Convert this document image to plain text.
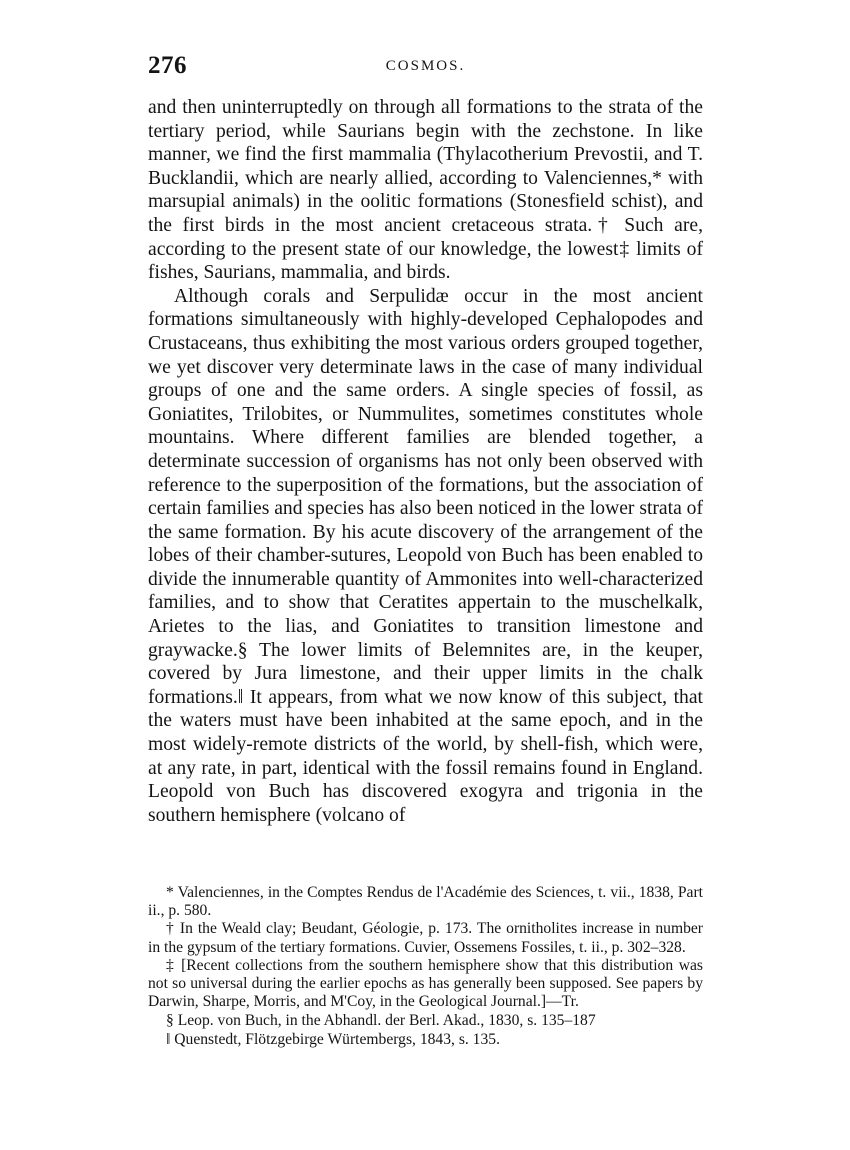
276	COSMOS.

and then uninterruptedly on through all formations to the strata of the tertiary period, while Saurians begin with the zechstone. In like manner, we find the first mammalia (Thylacotherium Prevostii, and T. Bucklandii, which are nearly allied, according to Valenciennes,* with marsupial animals) in the oolitic formations (Stonesfield schist), and the first birds in the most ancient cretaceous strata.† Such are, according to the present state of our knowledge, the lowest‡ limits of fishes, Saurians, mammalia, and birds.

Although corals and Serpulidæ occur in the most ancient formations simultaneously with highly-developed Cephalopodes and Crustaceans, thus exhibiting the most various orders grouped together, we yet discover very determinate laws in the case of many individual groups of one and the same orders. A single species of fossil, as Goniatites, Trilobites, or Nummulites, sometimes constitutes whole mountains. Where different families are blended together, a determinate succession of organisms has not only been observed with reference to the superposition of the formations, but the association of certain families and species has also been noticed in the lower strata of the same formation. By his acute discovery of the arrangement of the lobes of their chamber-sutures, Leopold von Buch has been enabled to divide the innumerable quantity of Ammonites into well-characterized families, and to show that Ceratites appertain to the muschelkalk, Arietes to the lias, and Goniatites to transition limestone and graywacke.§ The lower limits of Belemnites are, in the keuper, covered by Jura limestone, and their upper limits in the chalk formations.‖ It appears, from what we now know of this subject, that the waters must have been inhabited at the same epoch, and in the most widely-remote districts of the world, by shell-fish, which were, at any rate, in part, identical with the fossil remains found in England. Leopold von Buch has discovered exogyra and trigonia in the southern hemisphere (volcano of

* Valenciennes, in the Comptes Rendus de l'Académie des Sciences, t. vii., 1838, Part ii., p. 580.

† In the Weald clay; Beudant, Géologie, p. 173. The ornitholites increase in number in the gypsum of the tertiary formations. Cuvier, Ossemens Fossiles, t. ii., p. 302–328.

‡ [Recent collections from the southern hemisphere show that this distribution was not so universal during the earlier epochs as has generally been supposed. See papers by Darwin, Sharpe, Morris, and M'Coy, in the Geological Journal.]—Tr.

§ Leop. von Buch, in the Abhandl. der Berl. Akad., 1830, s. 135–187

‖ Quenstedt, Flötzgebirge Würtembergs, 1843, s. 135.
